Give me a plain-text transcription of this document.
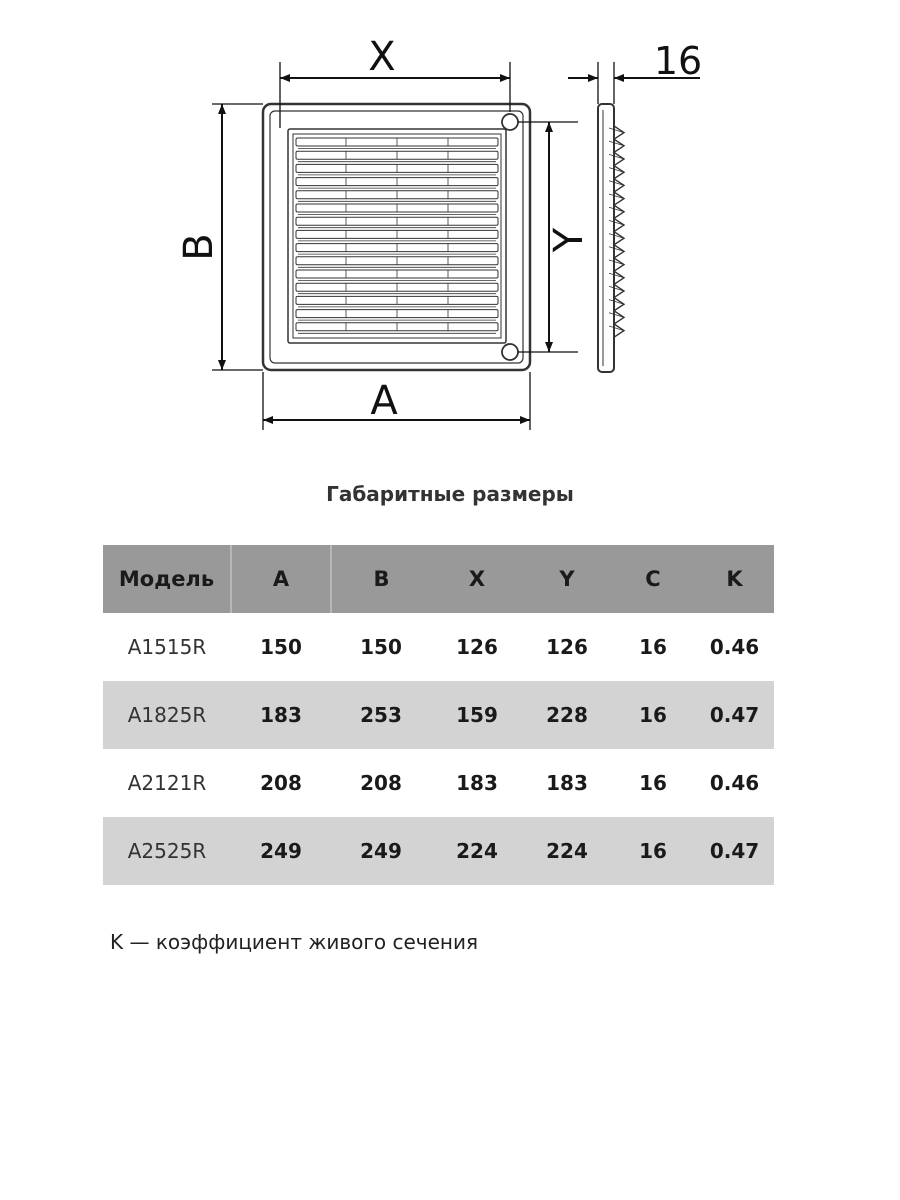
X
A
B	Y
16
Габаритные размеры
Модель	A	B	X	Y	C	K
A1515R	150	150	126	126	16	0.46
A1825R	183	253	159	228	16	0.47
A2121R	208	208	183	183	16	0.46
A2525R	249	249	224	224	16	0.47
K — коэффициент живого сечения
